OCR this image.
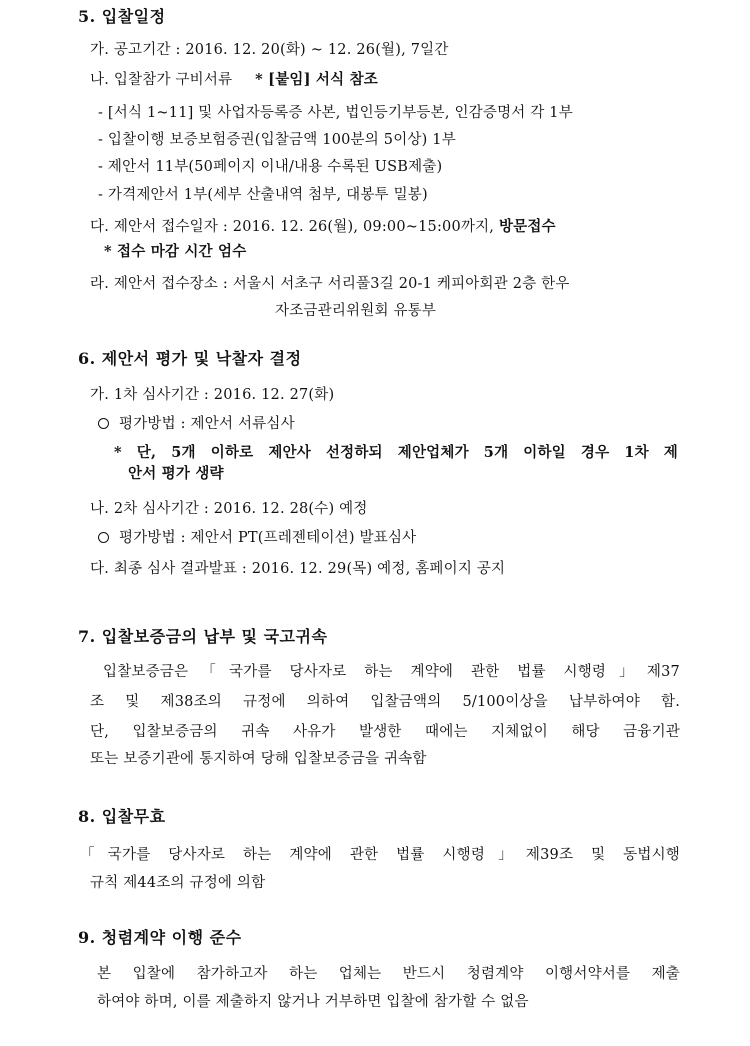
5. 입찰일정
가. 공고기간 : 2016. 12. 20(화) ~ 12. 26(월), 7일간
나. 입찰참가 구비서류 * [붙임] 서식 참조
- [서식 1~11] 및 사업자등록증 사본, 법인등기부등본, 인감증명서 각 1부
- 입찰이행 보증보험증권(입찰금액 100분의 5이상) 1부
- 제안서 11부(50페이지 이내/내용 수록된 USB제출)
- 가격제안서 1부(세부 산출내역 첨부, 대봉투 밀봉)
다. 제안서 접수일자 : 2016. 12. 26(월), 09:00~15:00까지, 방문접수
* 접수 마감 시간 엄수
라. 제안서 접수장소 : 서울시 서초구 서리풀3길 20-1 케피아회관 2층 한우
자조금관리위원회 유통부
6. 제안서 평가 및 낙찰자 결정
가. 1차 심사기간 : 2016. 12. 27(화)
평가방법 : 제안서 서류심사
* 단, 5개 이하로 제안사 선정하되 제안업체가 5개 이하일 경우 1차 제
안서 평가 생략
나. 2차 심사기간 : 2016. 12. 28(수) 예정
평가방법 : 제안서 PT(프레젠테이션) 발표심사
다. 최종 심사 결과발표 : 2016. 12. 29(목) 예정, 홈페이지 공지
7. 입찰보증금의 납부 및 국고귀속
입찰보증금은「국가를 당사자로 하는 계약에 관한 법률 시행령」제37
조 및 제38조의 규정에 의하여 입찰금액의 5/100이상을 납부하여야 함.
단, 입찰보증금의 귀속 사유가 발생한 때에는 지체없이 해당 금융기관
또는 보증기관에 통지하여 당해 입찰보증금을 귀속함
8. 입찰무효
「국가를 당사자로 하는 계약에 관한 법률 시행령」제39조 및 동법시행
규칙 제44조의 규정에 의함
9. 청렴계약 이행 준수
본 입찰에 참가하고자 하는 업체는 반드시 청렴계약 이행서약서를 제출
하여야 하며, 이를 제출하지 않거나 거부하면 입찰에 참가할 수 없음
